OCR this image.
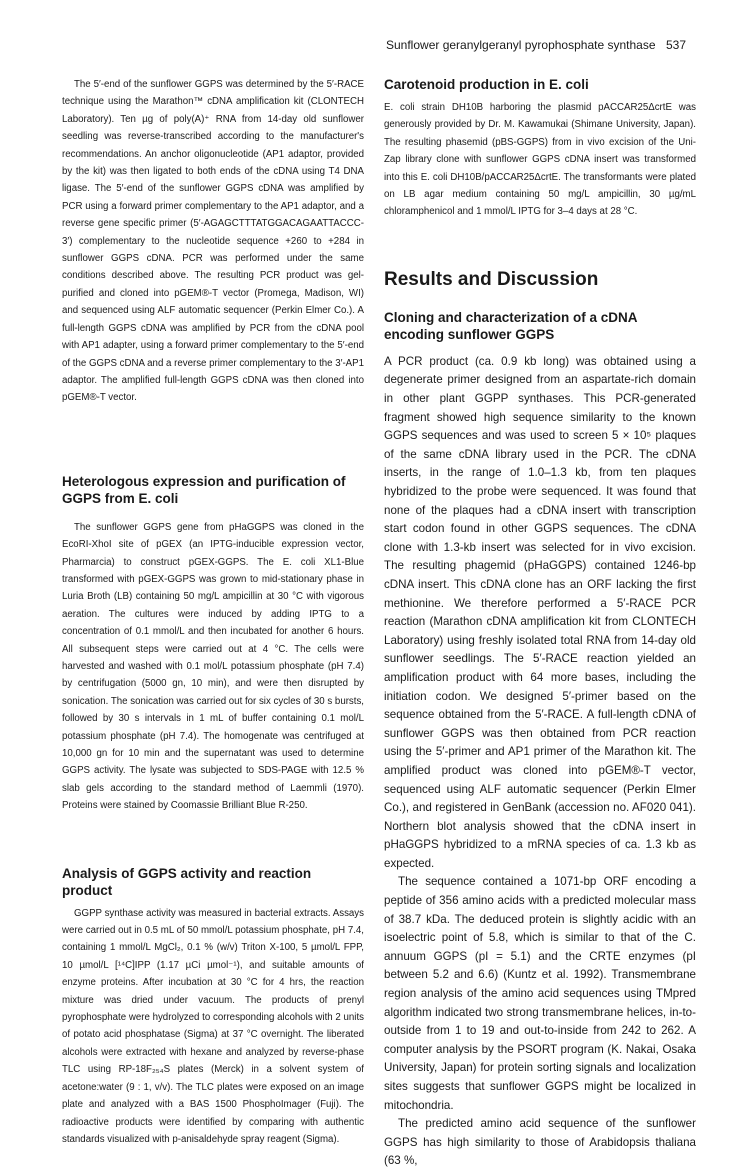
Sunflower geranylgeranyl pyrophosphate synthase 537

The 5′-end of the sunflower GGPS was determined by the 5′-RACE technique using the Marathon™ cDNA amplification kit (CLONTECH Laboratory). Ten µg of poly(A)⁺ RNA from 14-day old sunflower seedling was reverse-transcribed according to the manufacturer's recommendations. An anchor oligonucleotide (AP1 adaptor, provided by the kit) was then ligated to both ends of the cDNA using T4 DNA ligase. The 5′-end of the sunflower GGPS cDNA was amplified by PCR using a forward primer complementary to the AP1 adaptor, and a reverse gene specific primer (5′-AGAGCTTTATGGACAGAATTACCC-3′) complementary to the nucleotide sequence +260 to +284 in sunflower GGPS cDNA. PCR was performed under the same conditions described above. The resulting PCR product was gel-purified and cloned into pGEM®-T vector (Promega, Madison, WI) and sequenced using ALF automatic sequencer (Perkin Elmer Co.). A full-length GGPS cDNA was amplified by PCR from the cDNA pool with AP1 adapter, using a forward primer complementary to the 5′-end of the GGPS cDNA and a reverse primer complementary to the 3′-AP1 adaptor. The amplified full-length GGPS cDNA was then cloned into pGEM®-T vector.

Heterologous expression and purification of GGPS from E. coli

The sunflower GGPS gene from pHaGGPS was cloned in the EcoRI-XhoI site of pGEX (an IPTG-inducible expression vector, Pharmarcia) to construct pGEX-GGPS. The E. coli XL1-Blue transformed with pGEX-GGPS was grown to mid-stationary phase in Luria Broth (LB) containing 50 mg/L ampicillin at 30 °C with vigorous aeration. The cultures were induced by adding IPTG to a concentration of 0.1 mmol/L and then incubated for another 6 hours. All subsequent steps were carried out at 4 °C. The cells were harvested and washed with 0.1 mol/L potassium phosphate (pH 7.4) by centrifugation (5000 gn, 10 min), and were then disrupted by sonication. The sonication was carried out for six cycles of 30 s bursts, followed by 30 s intervals in 1 mL of buffer containing 0.1 mol/L potassium phosphate (pH 7.4). The homogenate was centrifuged at 10,000 gn for 10 min and the supernatant was used to determine GGPS activity. The lysate was subjected to SDS-PAGE with 12.5 % slab gels according to the standard method of Laemmli (1970). Proteins were stained by Coomassie Brilliant Blue R-250.

Analysis of GGPS activity and reaction product

GGPP synthase activity was measured in bacterial extracts. Assays were carried out in 0.5 mL of 50 mmol/L potassium phosphate, pH 7.4, containing 1 mmol/L MgCl₂, 0.1 % (w/v) Triton X-100, 5 µmol/L FPP, 10 µmol/L [¹⁴C]IPP (1.17 µCi µmol⁻¹), and suitable amounts of enzyme proteins. After incubation at 30 °C for 4 hrs, the reaction mixture was dried under vacuum. The products of prenyl pyrophosphate were hydrolyzed to corresponding alcohols with 2 units of potato acid phosphatase (Sigma) at 37 °C overnight. The liberated alcohols were extracted with hexane and analyzed by reverse-phase TLC using RP-18F₂₅₄S plates (Merck) in a solvent system of acetone:water (9 : 1, v/v). The TLC plates were exposed on an image plate and analyzed with a BAS 1500 PhosphoImager (Fuji). The radioactive products were identified by comparing with authentic standards visualized with p-anisaldehyde spray reagent (Sigma).

Carotenoid production in E. coli

E. coli strain DH10B harboring the plasmid pACCAR25ΔcrtE was generously provided by Dr. M. Kawamukai (Shimane University, Japan). The resulting phasemid (pBS-GGPS) from in vivo excision of the Uni-Zap library clone with sunflower GGPS cDNA insert was transformed into this E. coli DH10B/pACCAR25ΔcrtE. The transformants were plated on LB agar medium containing 50 mg/L ampicillin, 30 µg/mL chloramphenicol and 1 mmol/L IPTG for 3–4 days at 28 °C.

Results and Discussion
Cloning and characterization of a cDNA encoding sunflower GGPS

A PCR product (ca. 0.9 kb long) was obtained using a degenerate primer designed from an aspartate-rich domain in other plant GGPP synthases. This PCR-generated fragment showed high sequence similarity to the known GGPS sequences and was used to screen 5 × 10⁵ plaques of the same cDNA library used in the PCR. The cDNA inserts, in the range of 1.0–1.3 kb, from ten plaques hybridized to the probe were sequenced. It was found that none of the plaques had a cDNA insert with transcription start codon found in other GGPS sequences. The cDNA clone with 1.3-kb insert was selected for in vivo excision. The resulting phagemid (pHaGGPS) contained 1246-bp cDNA insert. This cDNA clone has an ORF lacking the first methionine. We therefore performed a 5′-RACE PCR reaction (Marathon cDNA amplification kit from CLONTECH Laboratory) using freshly isolated total RNA from 14-day old sunflower seedlings. The 5′-RACE reaction yielded an amplification product with 64 more bases, including the initiation codon. We designed 5′-primer based on the sequence obtained from the 5′-RACE. A full-length cDNA of sunflower GGPS was then obtained from PCR reaction using the 5′-primer and AP1 primer of the Marathon kit. The amplified product was cloned into pGEM®-T vector, sequenced using ALF automatic sequencer (Perkin Elmer Co.), and registered in GenBank (accession no. AF020 041). Northern blot analysis showed that the cDNA insert in pHaGGPS hybridized to a mRNA species of ca. 1.3 kb as expected.

The sequence contained a 1071-bp ORF encoding a peptide of 356 amino acids with a predicted molecular mass of 38.7 kDa. The deduced protein is slightly acidic with an isoelectric point of 5.8, which is similar to that of the C. annuum GGPS (pI = 5.1) and the CRTE enzymes (pI between 5.2 and 6.6) (Kuntz et al. 1992). Transmembrane region analysis of the amino acid sequences using TMpred algorithm indicated two strong transmembrane helices, in-to-outside from 1 to 19 and out-to-inside from 242 to 262. A computer analysis by the PSORT program (K. Nakai, Osaka University, Japan) for protein sorting signals and localization sites suggests that sunflower GGPS might be localized in mitochondria.

The predicted amino acid sequence of the sunflower GGPS has high similarity to those of Arabidopsis thaliana (63 %,
